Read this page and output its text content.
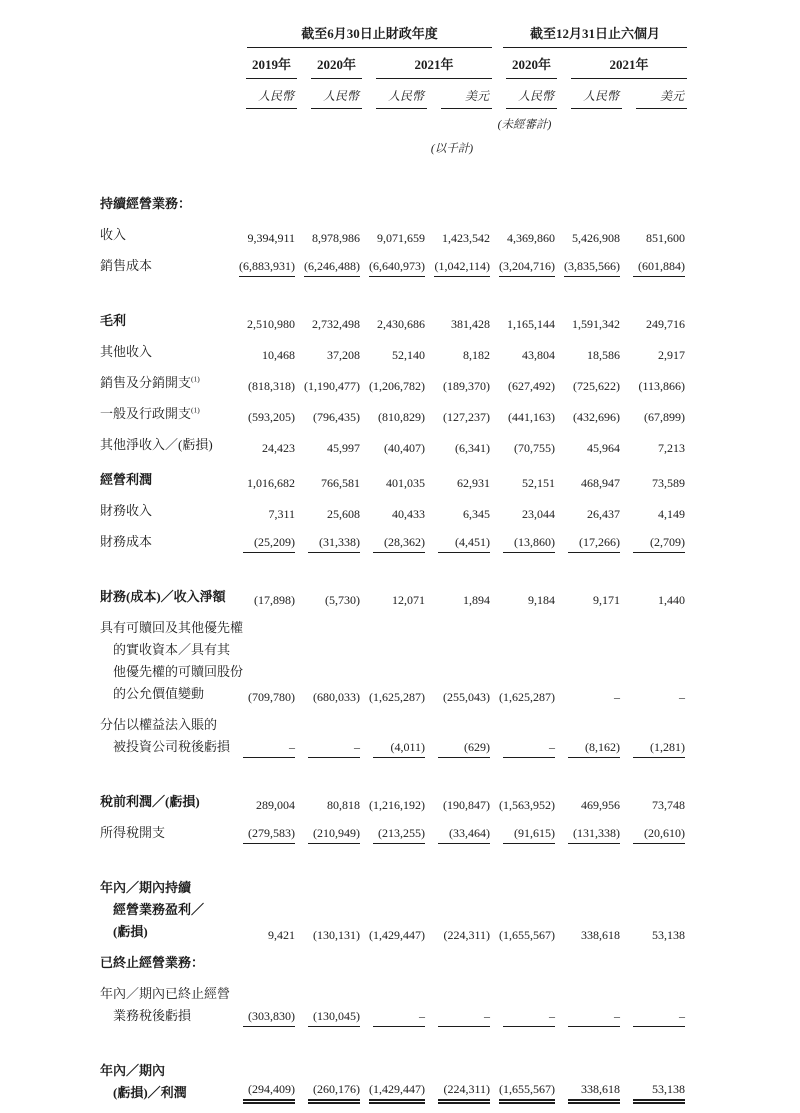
	截至6月30日止財政年度				截至12月31日止六個月		

	2019年	2020年	2021年		2020年	2021年	

	人民幣	人民幣	人民幣	美元	人民幣	人民幣	美元

					(未經審計)		

	(以千計)						

持續經營業務：							

收入	9,394,911	8,978,986	9,071,659	1,423,542	4,369,860	5,426,908	851,600

銷售成本	(6,883,931)	(6,246,488)	(6,640,973)	(1,042,114)	(3,204,716)	(3,835,566)	(601,884)

毛利	2,510,980	2,732,498	2,430,686	381,428	1,165,144	1,591,342	249,716

其他收入	10,468	37,208	52,140	8,182	43,804	18,586	2,917

銷售及分銷開支$^{(1)}$	(818,318)	(1,190,477)	(1,206,782)	(189,370)	(627,492)	(725,622)	(113,866)

一般及行政開支$^{(1)}$	(593,205)	(796,435)	(810,829)	(127,237)	(441,163)	(432,696)	(67,899)

其他淨收入／(虧損)	24,423	45,997	(40,407)	(6,341)	(70,755)	45,964	7,213

經營利潤	1,016,682	766,581	401,035	62,931	52,151	468,947	73,589

財務收入	7,311	25,608	40,433	6,345	23,044	26,437	4,149

財務成本	(25,209)	(31,338)	(28,362)	(4,451)	(13,860)	(17,266)	(2,709)

財務(成本)／收入淨額	(17,898)	(5,730)	12,071	1,894	9,184	9,171	1,440

具有可贖回及其他優先權
的實收資本／具有其
他優先權的可贖回股份
的公允價值變動	(709,780)	(680,033)	(1,625,287)	(255,043)	(1,625,287)	–	–

分佔以權益法入賬的
被投資公司稅後虧損	–	–	(4,011)	(629)	–	(8,162)	(1,281)

稅前利潤／(虧損)	289,004	80,818	(1,216,192)	(190,847)	(1,563,952)	469,956	73,748

所得稅開支	(279,583)	(210,949)	(213,255)	(33,464)	(91,615)	(131,338)	(20,610)

年內／期內持續
經營業務盈利／
(虧損)	9,421	(130,131)	(1,429,447)	(224,311)	(1,655,567)	338,618	53,138

已終止經營業務：							

年內／期內已終止經營
業務稅後虧損	(303,830)	(130,045)	–	–	–	–	–

年內／期內
(虧損)／利潤	(294,409)	(260,176)	(1,429,447)	(224,311)	(1,655,567)	338,618	53,138
